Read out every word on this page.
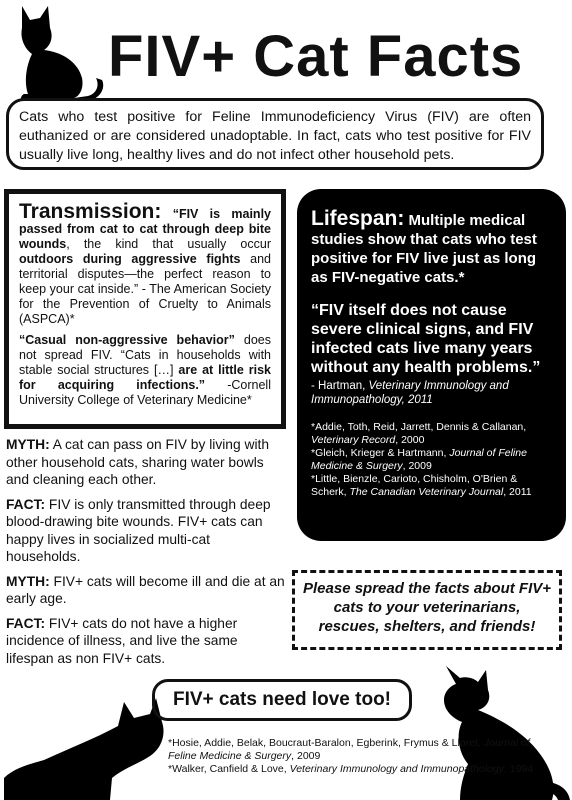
FIV+ Cat Facts
Cats who test positive for Feline Immunodeficiency Virus (FIV) are often euthanized or are considered unadoptable. In fact, cats who test positive for FIV usually live long, healthy lives and do not infect other household pets.

Transmission: “FIV is mainly passed from cat to cat through deep bite wounds, the kind that usually occur outdoors during aggressive fights and territorial disputes—the perfect reason to keep your cat inside.” - The American Society for the Prevention of Cruelty to Animals (ASPCA)*

“Casual non-aggressive behavior” does not spread FIV. “Cats in households with stable social structures […] are at little risk for acquiring infections.” -Cornell University College of Veterinary Medicine*

Lifespan: Multiple medical studies show that cats who test positive for FIV live just as long as FIV-negative cats.*
“FIV itself does not cause severe clinical signs, and FIV infected cats live many years without any health problems.”
- Hartman, Veterinary Immunology and Immunopathology, 2011
*Addie, Toth, Reid, Jarrett, Dennis & Callanan, Veterinary Record, 2000
*Gleich, Krieger & Hartmann, Journal of Feline Medicine & Surgery, 2009
*Little, Bienzle, Carioto, Chisholm, O'Brien & Scherk, The Canadian Veterinary Journal, 2011

MYTH: A cat can pass on FIV by living with other household cats, sharing water bowls and cleaning each other.

FACT: FIV is only transmitted through deep blood-drawing bite wounds. FIV+ cats can happy lives in socialized multi-cat households.

MYTH: FIV+ cats will become ill and die at an early age.

FACT: FIV+ cats do not have a higher incidence of illness, and live the same lifespan as non FIV+ cats.

Please spread the facts about FIV+ cats to your veterinarians, rescues, shelters, and friends!
FIV+ cats need love too!
*Hosie, Addie, Belak, Boucraut-Baralon, Egberink, Frymus & Lloret, Journal of Feline Medicine & Surgery, 2009
*Walker, Canfield & Love, Veterinary Immunology and Immunopathology, 1994
